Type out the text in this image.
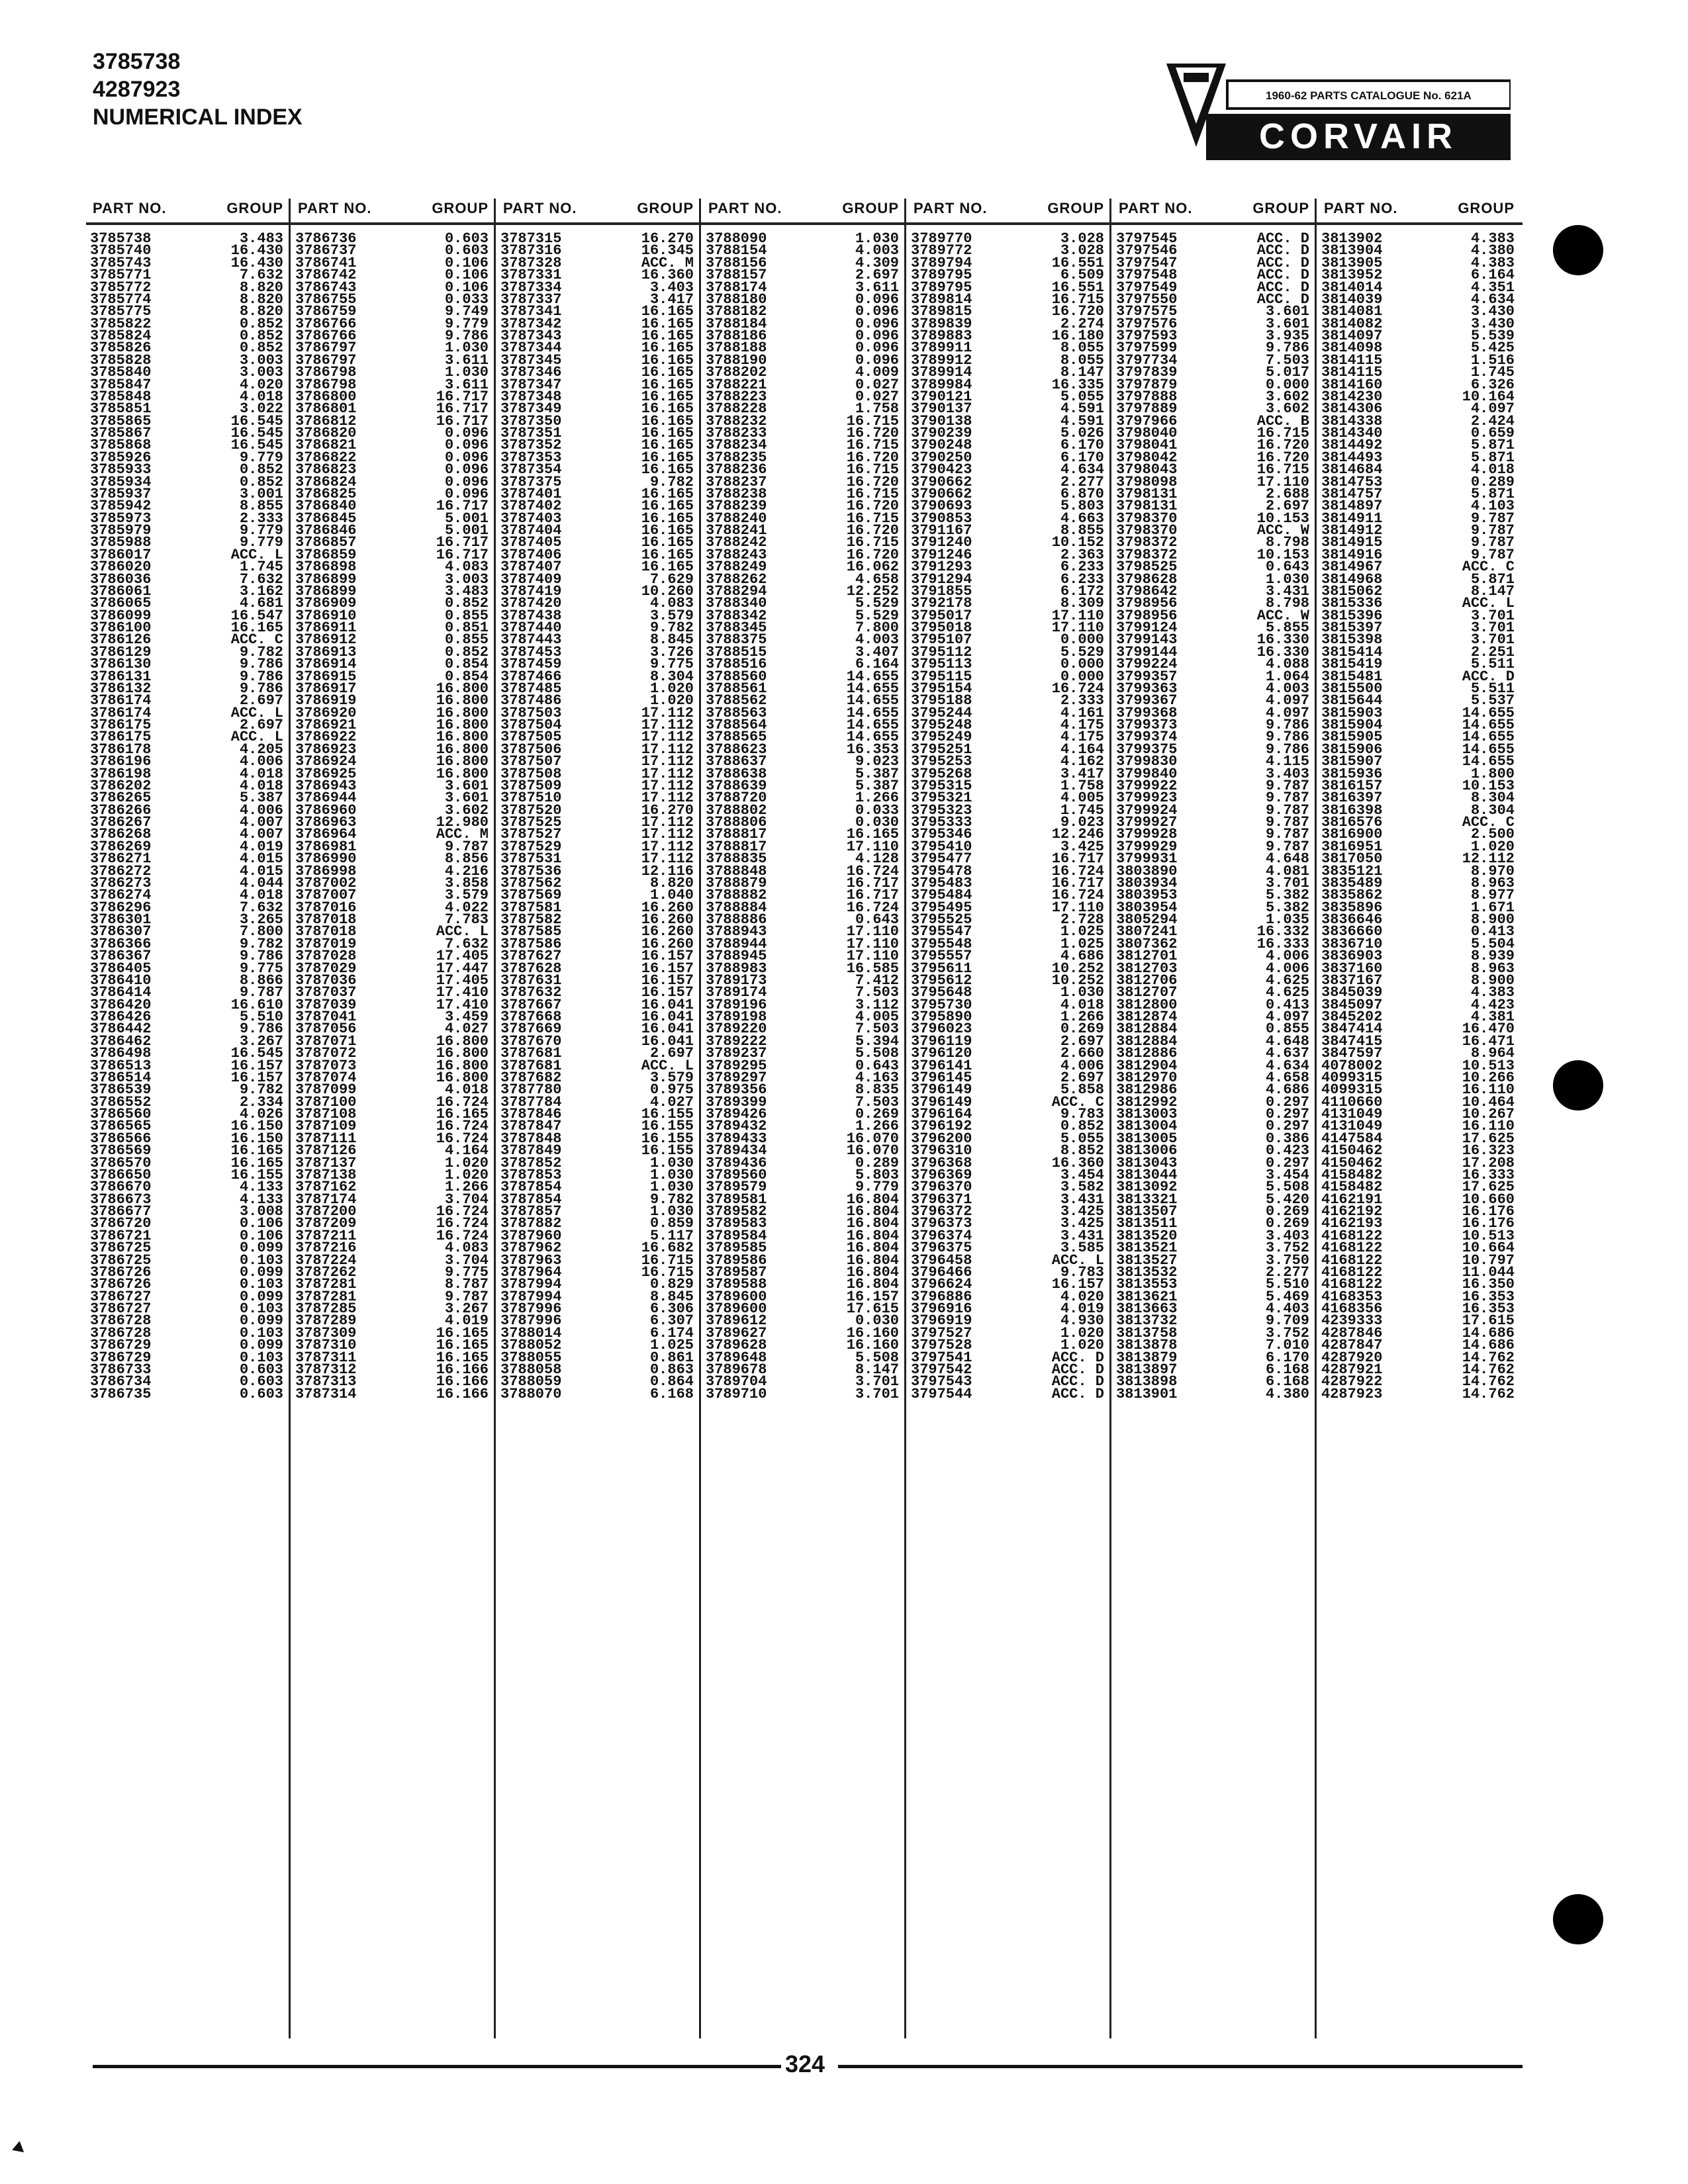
3785738
4287923
NUMERICAL INDEX
1960-62 PARTS CATALOGUE No. 621A
CORVAIR
PART NO.	GROUP
3785738	3.483
3785740	16.430
3785743	16.430
3785771	7.632
3785772	8.820
3785774	8.820
3785775	8.820
3785822	0.852
3785824	0.852
3785826	0.852
3785828	3.003
3785840	3.003
3785847	4.020
3785848	4.018
3785851	3.022
3785865	16.545
3785867	16.545
3785868	16.545
3785926	9.779
3785933	0.852
3785934	0.852
3785937	3.001
3785942	8.855
3785973	2.333
3785979	9.779
3785988	9.779
3786017	ACC. L
3786020	1.745
3786036	7.632
3786061	3.162
3786065	4.681
3786099	16.547
3786100	16.165
3786126	ACC. C
3786129	9.782
3786130	9.786
3786131	9.786
3786132	9.786
3786174	2.697
3786174	ACC. L
3786175	2.697
3786175	ACC. L
3786178	4.205
3786196	4.006
3786198	4.018
3786202	4.018
3786265	5.387
3786266	4.006
3786267	4.007
3786268	4.007
3786269	4.019
3786271	4.015
3786272	4.015
3786273	4.044
3786274	4.018
3786296	7.632
3786301	3.265
3786307	7.800
3786366	9.782
3786367	9.786
3786405	9.775
3786410	8.866
3786414	9.787
3786420	16.610
3786426	5.510
3786442	9.786
3786462	3.267
3786498	16.545
3786513	16.157
3786514	16.157
3786539	9.782
3786552	2.334
3786560	4.026
3786565	16.150
3786566	16.150
3786569	16.165
3786570	16.165
3786650	16.155
3786670	4.133
3786673	4.133
3786677	3.008
3786720	0.106
3786721	0.106
3786725	0.099
3786725	0.103
3786726	0.099
3786726	0.103
3786727	0.099
3786727	0.103
3786728	0.099
3786728	0.103
3786729	0.099
3786729	0.103
3786733	0.603
3786734	0.603
3786735	0.603
PART NO.	GROUP
3786736	0.603
3786737	0.603
3786741	0.106
3786742	0.106
3786743	0.106
3786755	0.033
3786759	9.749
3786766	9.779
3786766	9.786
3786797	1.030
3786797	3.611
3786798	1.030
3786798	3.611
3786800	16.717
3786801	16.717
3786812	16.717
3786820	0.096
3786821	0.096
3786822	0.096
3786823	0.096
3786824	0.096
3786825	0.096
3786840	16.717
3786845	5.001
3786846	5.001
3786857	16.717
3786859	16.717
3786898	4.083
3786899	3.003
3786899	3.483
3786909	0.852
3786910	0.855
3786911	0.851
3786912	0.855
3786913	0.852
3786914	0.854
3786915	0.854
3786917	16.800
3786919	16.800
3786920	16.800
3786921	16.800
3786922	16.800
3786923	16.800
3786924	16.800
3786925	16.800
3786943	3.601
3786944	3.601
3786960	3.602
3786963	12.980
3786964	ACC. M
3786981	9.787
3786990	8.856
3786998	4.216
3787002	3.858
3787007	3.579
3787016	4.022
3787018	7.783
3787018	ACC. L
3787019	7.632
3787028	17.405
3787029	17.447
3787036	17.405
3787037	17.410
3787039	17.410
3787041	3.459
3787056	4.027
3787071	16.800
3787072	16.800
3787073	16.800
3787074	16.800
3787099	4.018
3787100	16.724
3787108	16.165
3787109	16.724
3787111	16.724
3787126	4.164
3787137	1.020
3787138	1.020
3787162	1.266
3787174	3.704
3787200	16.724
3787209	16.724
3787211	16.724
3787216	4.083
3787224	3.704
3787262	9.775
3787281	8.787
3787281	9.787
3787285	3.267
3787289	4.019
3787309	16.165
3787310	16.165
3787311	16.165
3787312	16.166
3787313	16.166
3787314	16.166
PART NO.	GROUP
3787315	16.270
3787316	16.345
3787328	ACC. M
3787331	16.360
3787334	3.403
3787337	3.417
3787341	16.165
3787342	16.165
3787343	16.165
3787344	16.165
3787345	16.165
3787346	16.165
3787347	16.165
3787348	16.165
3787349	16.165
3787350	16.165
3787351	16.165
3787352	16.165
3787353	16.165
3787354	16.165
3787375	9.782
3787401	16.165
3787402	16.165
3787403	16.165
3787404	16.165
3787405	16.165
3787406	16.165
3787407	16.165
3787409	7.629
3787419	10.260
3787420	4.083
3787438	3.579
3787440	9.782
3787443	8.845
3787453	3.726
3787459	9.775
3787466	8.304
3787485	1.020
3787486	1.020
3787503	17.112
3787504	17.112
3787505	17.112
3787506	17.112
3787507	17.112
3787508	17.112
3787509	17.112
3787510	17.112
3787520	16.270
3787525	17.112
3787527	17.112
3787529	17.112
3787531	17.112
3787536	12.116
3787562	8.820
3787569	1.040
3787581	16.260
3787582	16.260
3787585	16.260
3787586	16.260
3787627	16.157
3787628	16.157
3787631	16.157
3787632	16.157
3787667	16.041
3787668	16.041
3787669	16.041
3787670	16.041
3787681	2.697
3787681	ACC. L
3787682	3.579
3787780	0.975
3787784	4.027
3787846	16.155
3787847	16.155
3787848	16.155
3787849	16.155
3787852	1.030
3787853	1.030
3787854	1.030
3787854	9.782
3787857	1.030
3787882	0.859
3787960	5.117
3787962	16.682
3787963	16.715
3787964	16.715
3787994	0.829
3787994	8.845
3787996	6.306
3787996	6.307
3788014	6.174
3788052	1.025
3788055	0.861
3788058	0.863
3788059	0.864
3788070	6.168
PART NO.	GROUP
3788090	1.030
3788154	4.003
3788156	4.309
3788157	2.697
3788174	3.611
3788180	0.096
3788182	0.096
3788184	0.096
3788186	0.096
3788188	0.096
3788190	0.096
3788202	4.009
3788221	0.027
3788223	0.027
3788228	1.758
3788232	16.715
3788233	16.720
3788234	16.715
3788235	16.720
3788236	16.715
3788237	16.720
3788238	16.715
3788239	16.720
3788240	16.715
3788241	16.720
3788242	16.715
3788243	16.720
3788249	16.062
3788262	4.658
3788294	12.252
3788340	5.529
3788342	5.529
3788345	7.800
3788375	4.003
3788515	3.407
3788516	6.164
3788560	14.655
3788561	14.655
3788562	14.655
3788563	14.655
3788564	14.655
3788565	14.655
3788623	16.353
3788637	9.023
3788638	5.387
3788639	5.387
3788720	1.266
3788802	0.033
3788806	0.030
3788817	16.165
3788817	17.110
3788835	4.128
3788848	16.724
3788879	16.717
3788882	16.717
3788884	16.724
3788886	0.643
3788943	17.110
3788944	17.110
3788945	17.110
3788983	16.585
3789173	7.412
3789174	7.503
3789196	3.112
3789198	4.005
3789220	7.503
3789222	5.394
3789237	5.508
3789295	0.643
3789297	4.163
3789356	8.835
3789399	7.503
3789426	0.269
3789432	1.266
3789433	16.070
3789434	16.070
3789436	0.289
3789560	5.803
3789579	9.779
3789581	16.804
3789582	16.804
3789583	16.804
3789584	16.804
3789585	16.804
3789586	16.804
3789587	16.804
3789588	16.804
3789600	16.157
3789600	17.615
3789612	0.030
3789627	16.160
3789628	16.160
3789648	5.508
3789678	8.147
3789704	3.701
3789710	3.701
PART NO.	GROUP
3789770	3.028
3789772	3.028
3789794	16.551
3789795	6.509
3789795	16.551
3789814	16.715
3789815	16.720
3789839	2.274
3789883	16.180
3789911	8.055
3789912	8.055
3789914	8.147
3789984	16.335
3790121	5.055
3790137	4.591
3790138	4.591
3790239	5.026
3790248	6.170
3790250	6.170
3790423	4.634
3790662	2.277
3790662	6.870
3790693	5.803
3790853	4.663
3791167	8.855
3791240	10.152
3791246	2.363
3791293	6.233
3791294	6.233
3791855	6.172
3792178	8.309
3795017	17.110
3795018	17.110
3795107	0.000
3795112	5.529
3795113	0.000
3795115	0.000
3795154	16.724
3795188	2.333
3795244	4.161
3795248	4.175
3795249	4.175
3795251	4.164
3795253	4.162
3795268	3.417
3795315	1.758
3795321	4.005
3795323	1.745
3795333	9.023
3795346	12.246
3795410	3.425
3795477	16.717
3795478	16.724
3795483	16.717
3795484	16.724
3795495	17.110
3795525	2.728
3795547	1.025
3795548	1.025
3795557	4.686
3795611	10.252
3795612	10.252
3795648	1.030
3795730	4.018
3795890	1.266
3796023	0.269
3796119	2.697
3796120	2.660
3796141	4.006
3796145	2.697
3796149	5.858
3796149	ACC. C
3796164	9.783
3796192	0.852
3796200	5.055
3796310	8.852
3796368	16.360
3796369	3.454
3796370	3.582
3796371	3.431
3796372	3.425
3796373	3.425
3796374	3.431
3796375	3.585
3796458	ACC. L
3796466	9.783
3796624	16.157
3796886	4.020
3796916	4.019
3796919	4.930
3797527	1.020
3797528	1.020
3797541	ACC. D
3797542	ACC. D
3797543	ACC. D
3797544	ACC. D
PART NO.	GROUP
3797545	ACC. D
3797546	ACC. D
3797547	ACC. D
3797548	ACC. D
3797549	ACC. D
3797550	ACC. D
3797575	3.601
3797576	3.601
3797593	3.935
3797599	9.786
3797734	7.503
3797839	5.017
3797879	0.000
3797888	3.602
3797889	3.602
3797966	ACC. B
3798040	16.715
3798041	16.720
3798042	16.720
3798043	16.715
3798098	17.110
3798131	2.688
3798131	2.697
3798370	10.153
3798370	ACC. W
3798372	8.798
3798372	10.153
3798525	0.643
3798628	1.030
3798642	3.431
3798956	8.798
3798956	ACC. W
3799124	5.855
3799143	16.330
3799144	16.330
3799224	4.088
3799357	1.064
3799363	4.003
3799367	4.097
3799368	4.097
3799373	9.786
3799374	9.786
3799375	9.786
3799830	4.115
3799840	3.403
3799922	9.787
3799923	9.787
3799924	9.787
3799927	9.787
3799928	9.787
3799929	9.787
3799931	4.648
3803890	4.081
3803934	3.701
3803953	5.382
3803954	5.382
3805294	1.035
3807241	16.332
3807362	16.333
3812701	4.006
3812703	4.006
3812706	4.625
3812707	4.625
3812800	0.413
3812874	4.097
3812884	0.855
3812884	4.648
3812886	4.637
3812904	4.634
3812970	4.658
3812986	4.686
3812992	0.297
3813003	0.297
3813004	0.297
3813005	0.386
3813006	0.423
3813043	0.297
3813044	3.454
3813092	5.508
3813321	5.420
3813507	0.269
3813511	0.269
3813520	3.403
3813521	3.752
3813527	3.750
3813532	2.277
3813553	5.510
3813621	5.469
3813663	4.403
3813732	9.709
3813758	3.752
3813878	7.010
3813879	6.170
3813897	6.168
3813898	6.168
3813901	4.380
PART NO.	GROUP
3813902	4.383
3813904	4.380
3813905	4.383
3813952	6.164
3814014	4.351
3814039	4.634
3814081	3.430
3814082	3.430
3814097	5.539
3814098	5.425
3814115	1.516
3814115	1.745
3814160	6.326
3814230	10.164
3814306	4.097
3814338	2.424
3814340	0.659
3814492	5.871
3814493	5.871
3814684	4.018
3814753	0.289
3814757	5.871
3814897	4.103
3814911	9.787
3814912	9.787
3814915	9.787
3814916	9.787
3814967	ACC. C
3814968	5.871
3815062	8.147
3815336	ACC. L
3815396	3.701
3815397	3.701
3815398	3.701
3815414	2.251
3815419	5.511
3815481	ACC. D
3815500	5.511
3815644	5.537
3815903	14.655
3815904	14.655
3815905	14.655
3815906	14.655
3815907	14.655
3815936	1.800
3816157	10.153
3816397	8.304
3816398	8.304
3816576	ACC. C
3816900	2.500
3816951	1.020
3817050	12.112
3835121	8.970
3835489	8.963
3835862	8.977
3835896	1.671
3836646	8.900
3836660	0.413
3836710	5.504
3836903	8.939
3837160	8.963
3837167	8.900
3845039	4.383
3845097	4.423
3845202	4.381
3847414	16.470
3847415	16.471
3847597	8.964
4078002	10.513
4099315	10.266
4099315	16.110
4110660	10.464
4131049	10.267
4131049	16.110
4147584	17.625
4150462	16.323
4150462	17.208
4158482	16.333
4158482	17.625
4162191	10.660
4162192	16.176
4162193	16.176
4168122	10.513
4168122	10.664
4168122	10.797
4168122	11.044
4168122	16.350
4168353	16.353
4168356	16.353
4239333	17.615
4287846	14.686
4287847	14.686
4287920	14.762
4287921	14.762
4287922	14.762
4287923	14.762
324
